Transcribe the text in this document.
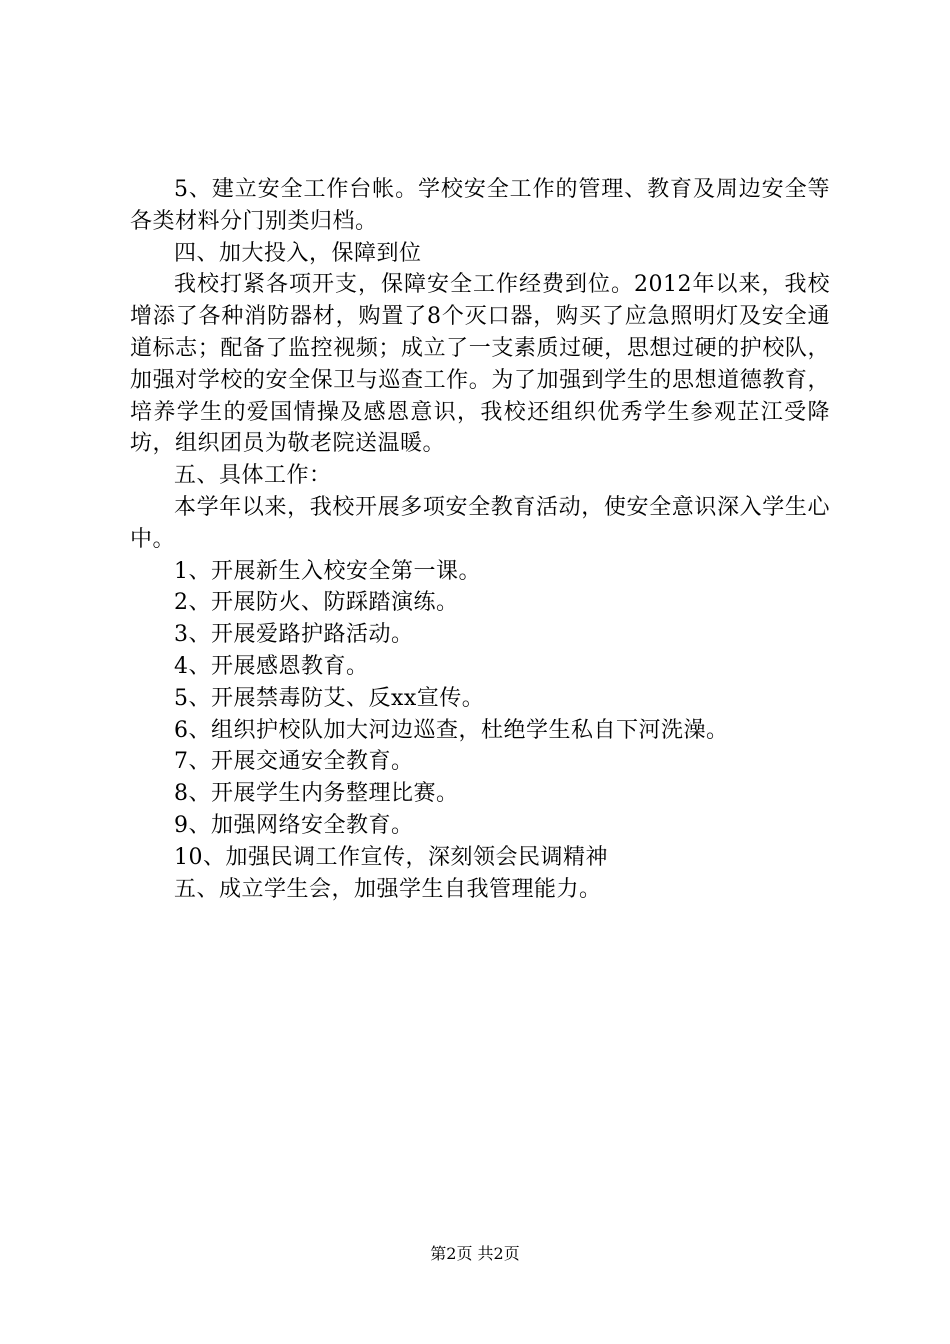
5、建立安全工作台帐。学校安全工作的管理、教育及周边安全等各类材料分门别类归档。

四、加大投入，保障到位

我校打紧各项开支，保障安全工作经费到位。2012年以来，我校增添了各种消防器材，购置了8个灭口器，购买了应急照明灯及安全通道标志；配备了监控视频；成立了一支素质过硬，思想过硬的护校队，加强对学校的安全保卫与巡查工作。为了加强到学生的思想道德教育，培养学生的爱国情操及感恩意识，我校还组织优秀学生参观芷江受降坊，组织团员为敬老院送温暖。

五、具体工作：

本学年以来，我校开展多项安全教育活动，使安全意识深入学生心中。

1、开展新生入校安全第一课。

2、开展防火、防踩踏演练。

3、开展爱路护路活动。

4、开展感恩教育。

5、开展禁毒防艾、反xx宣传。

6、组织护校队加大河边巡查，杜绝学生私自下河洗澡。

7、开展交通安全教育。

8、开展学生内务整理比赛。

9、加强网络安全教育。

10、加强民调工作宣传，深刻领会民调精神

五、成立学生会，加强学生自我管理能力。

第2页 共2页
